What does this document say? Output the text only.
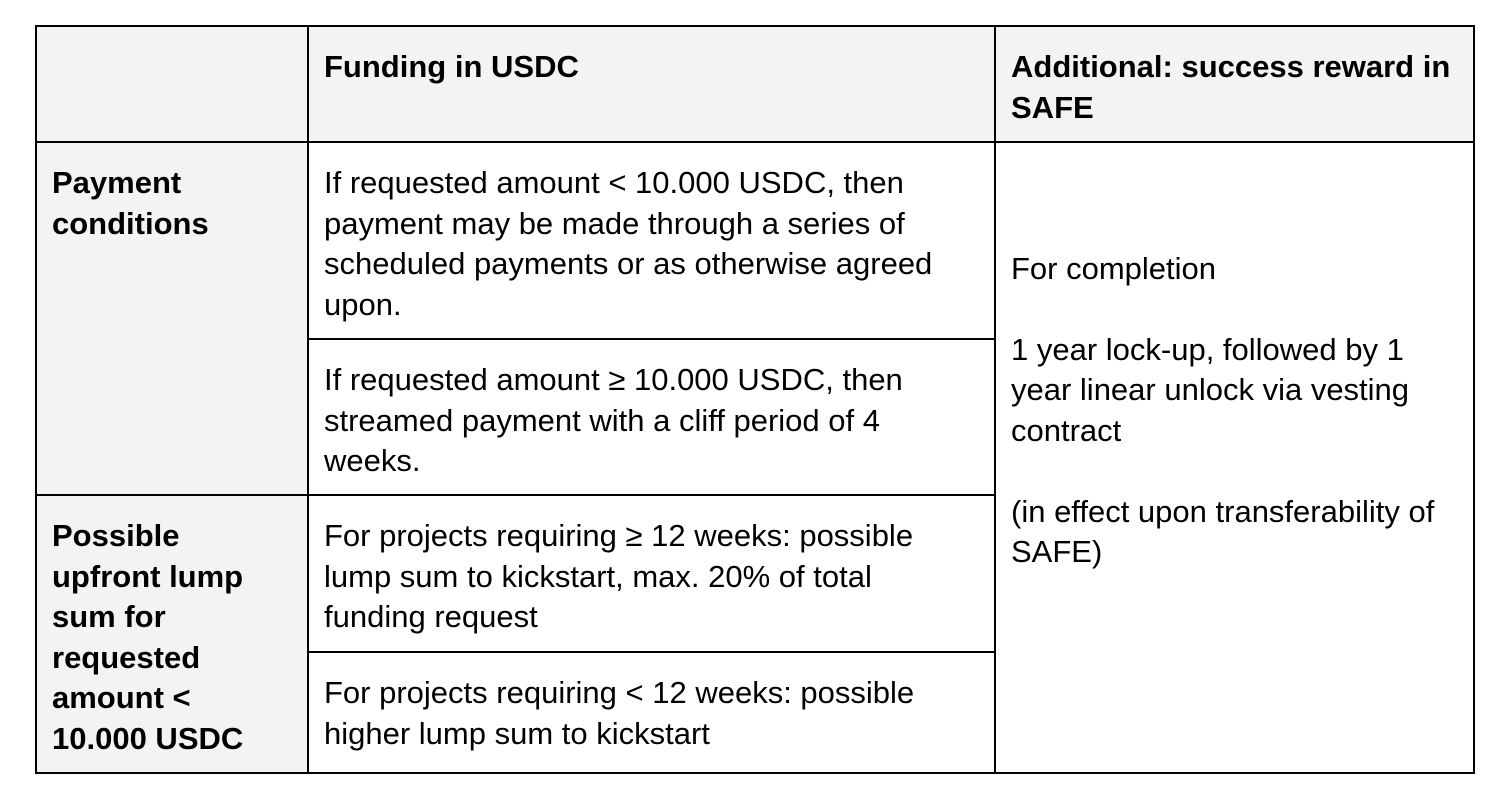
	Funding in USDC	Additional: success reward in SAFE
Payment conditions	If requested amount < 10.000 USDC, then payment may be made through a series of scheduled payments or as otherwise agreed upon.	For completion
1 year lock-up, followed by 1 year linear unlock via vesting contract
(in effect upon transferability of SAFE)

	If requested amount ≥ 10.000 USDC, then streamed payment with a cliff period of 4 weeks.	
Possible upfront lump sum for requested amount < 10.000 USDC	For projects requiring ≥ 12 weeks: possible lump sum to kickstart, max. 20% of total funding request	
	For projects requiring < 12 weeks: possible higher lump sum to kickstart	
